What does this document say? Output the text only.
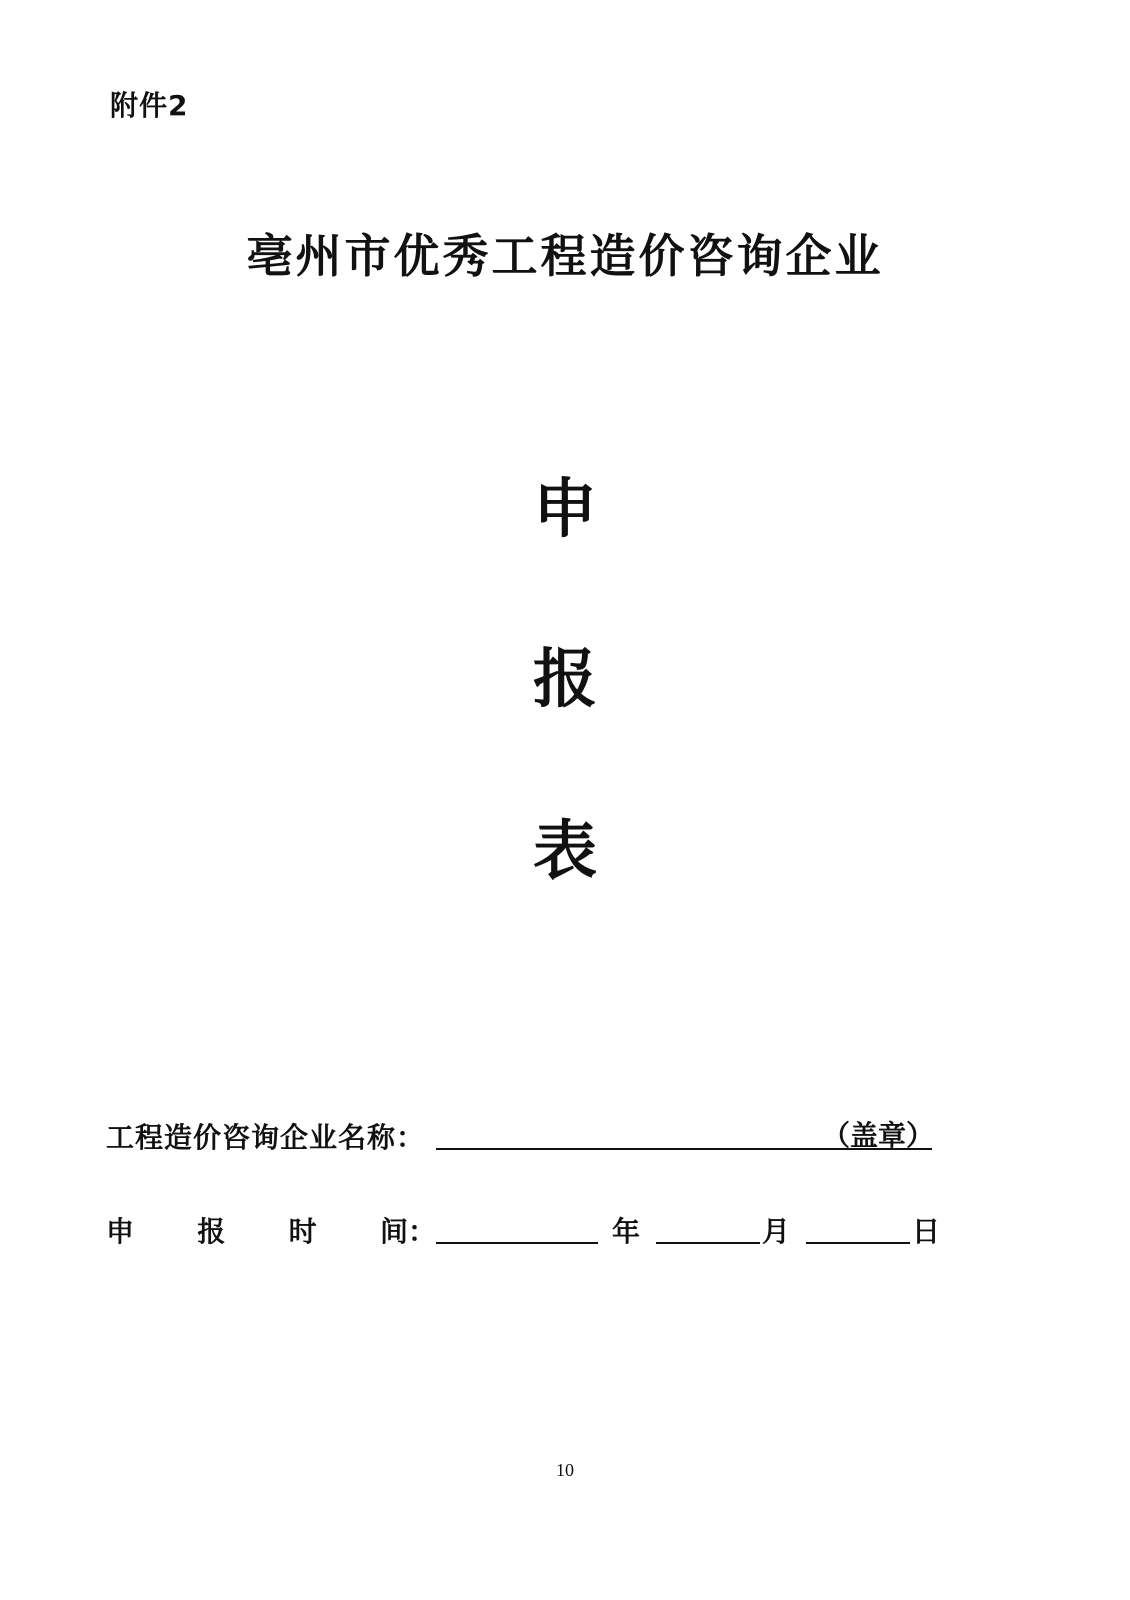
附件2
亳州市优秀工程造价咨询企业
申
报
表
工程造价咨询企业名称：	（盖章）
申 报 时 间：	年	月	日
10
